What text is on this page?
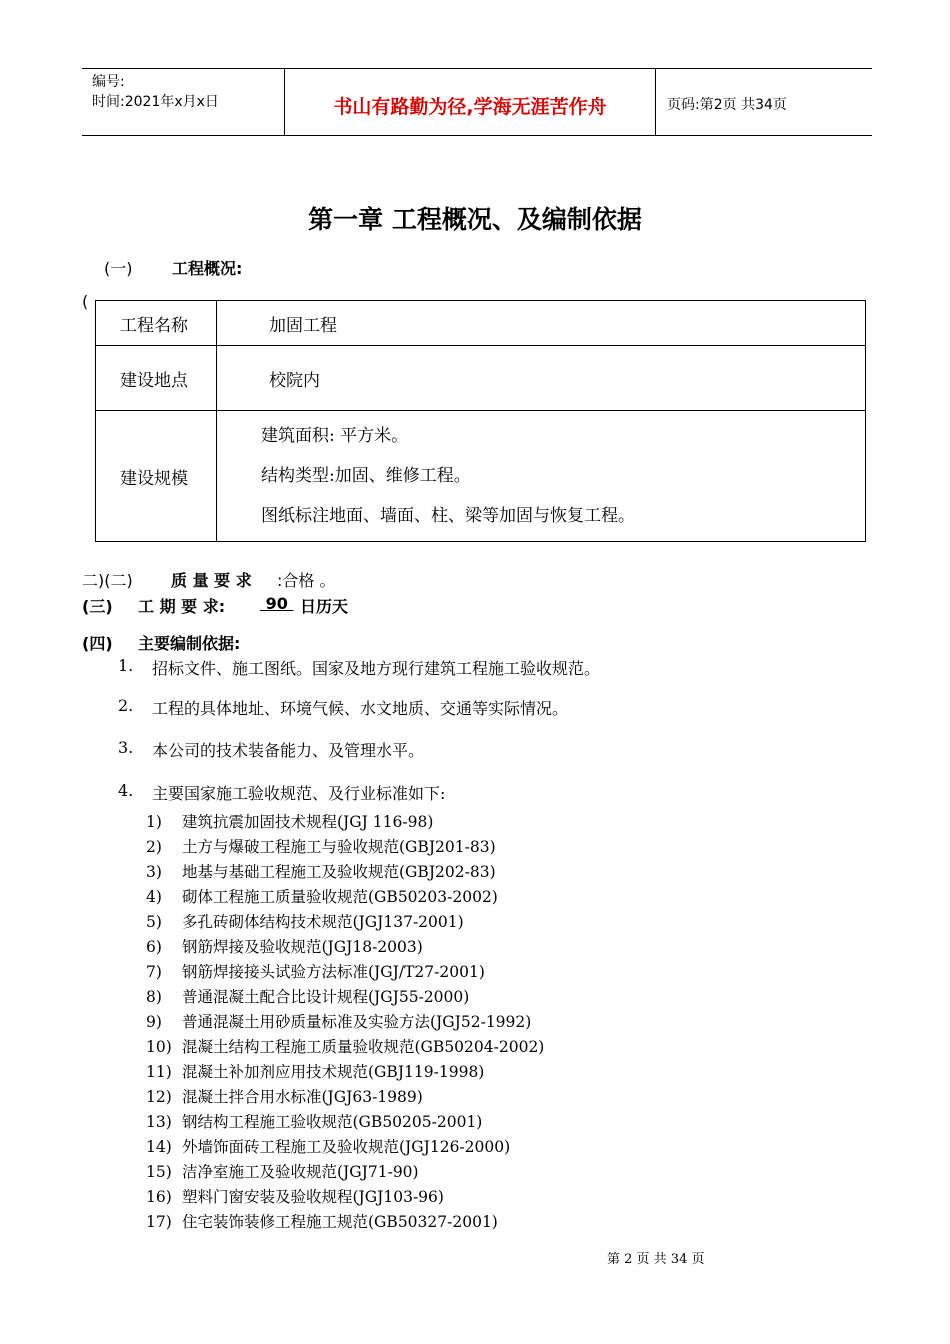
编号:
时间:2021年x月x日	书山有路勤为径,学海无涯苦作舟	页码:第2页 共34页
第一章 工程概况、及编制依据
(一) 工程概况:
(
工程名称	加固工程
建设地点	校院内
建设规模	建筑面积: 平方米。
结构类型:加固、维修工程。
图纸标注地面、墙面、柱、梁等加固与恢复工程。
二)(二) 质 量 要 求 :合格 。
(三) 工 期 要 求: 90 日历天
(四) 主要编制依据:
1. 招标文件、施工图纸。国家及地方现行建筑工程施工验收规范。
2. 工程的具体地址、环境气候、水文地质、交通等实际情况。
3. 本公司的技术装备能力、及管理水平。
4. 主要国家施工验收规范、及行业标准如下:
1) 建筑抗震加固技术规程(JGJ 116-98)
2) 土方与爆破工程施工与验收规范(GBJ201-83)
3) 地基与基础工程施工及验收规范(GBJ202-83)
4) 砌体工程施工质量验收规范(GB50203-2002)
5) 多孔砖砌体结构技术规范(JGJ137-2001)
6) 钢筋焊接及验收规范(JGJ18-2003)
7) 钢筋焊接接头试验方法标准(JGJ/T27-2001)
8) 普通混凝土配合比设计规程(JGJ55-2000)
9) 普通混凝土用砂质量标准及实验方法(JGJ52-1992)
10) 混凝土结构工程施工质量验收规范(GB50204-2002)
11) 混凝土补加剂应用技术规范(GBJ119-1998)
12) 混凝土拌合用水标准(JGJ63-1989)
13) 钢结构工程施工验收规范(GB50205-2001)
14) 外墙饰面砖工程施工及验收规范(JGJ126-2000)
15) 洁净室施工及验收规范(JGJ71-90)
16) 塑料门窗安装及验收规程(JGJ103-96)
17) 住宅装饰装修工程施工规范(GB50327-2001)
第 2 页 共 34 页
